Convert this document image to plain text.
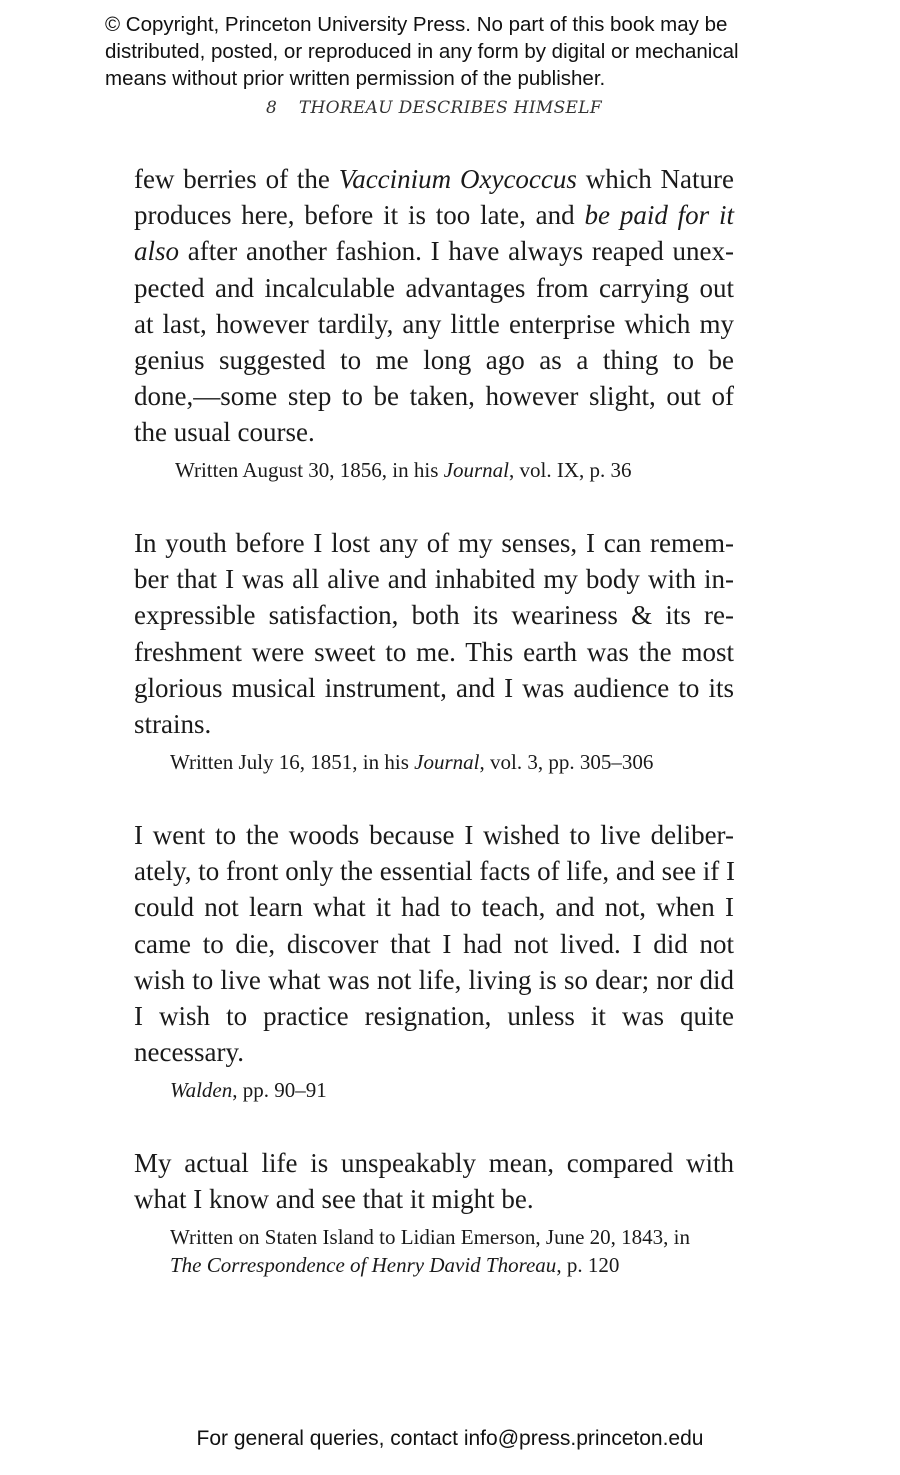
© Copyright, Princeton University Press. No part of this book may be
distributed, posted, or reproduced in any form by digital or mechanical
means without prior written permission of the publisher.
8 THOREAU DESCRIBES HIMSELF
few berries of the Vaccinium Oxycoccus which Nature
produces here, before it is too late, and be paid for it
also after another fashion. I have always reaped unex-
pected and incalculable advantages from carrying out
at last, however tardily, any little enterprise which my
genius suggested to me long ago as a thing to be
done,—some step to be taken, however slight, out of
the usual course.
Written August 30, 1856, in his Journal, vol. IX, p. 36
In youth before I lost any of my senses, I can remem-
ber that I was all alive and inhabited my body with in-
expressible satisfaction, both its weariness & its re-
freshment were sweet to me. This earth was the most
glorious musical instrument, and I was audience to its
strains.
Written July 16, 1851, in his Journal, vol. 3, pp. 305–306
I went to the woods because I wished to live deliber-
ately, to front only the essential facts of life, and see if I
could not learn what it had to teach, and not, when I
came to die, discover that I had not lived. I did not
wish to live what was not life, living is so dear; nor did
I wish to practice resignation, unless it was quite
necessary.
Walden, pp. 90–91
My actual life is unspeakably mean, compared with
what I know and see that it might be.
Written on Staten Island to Lidian Emerson, June 20, 1843, in
The Correspondence of Henry David Thoreau, p. 120
For general queries, contact info@press.princeton.edu
